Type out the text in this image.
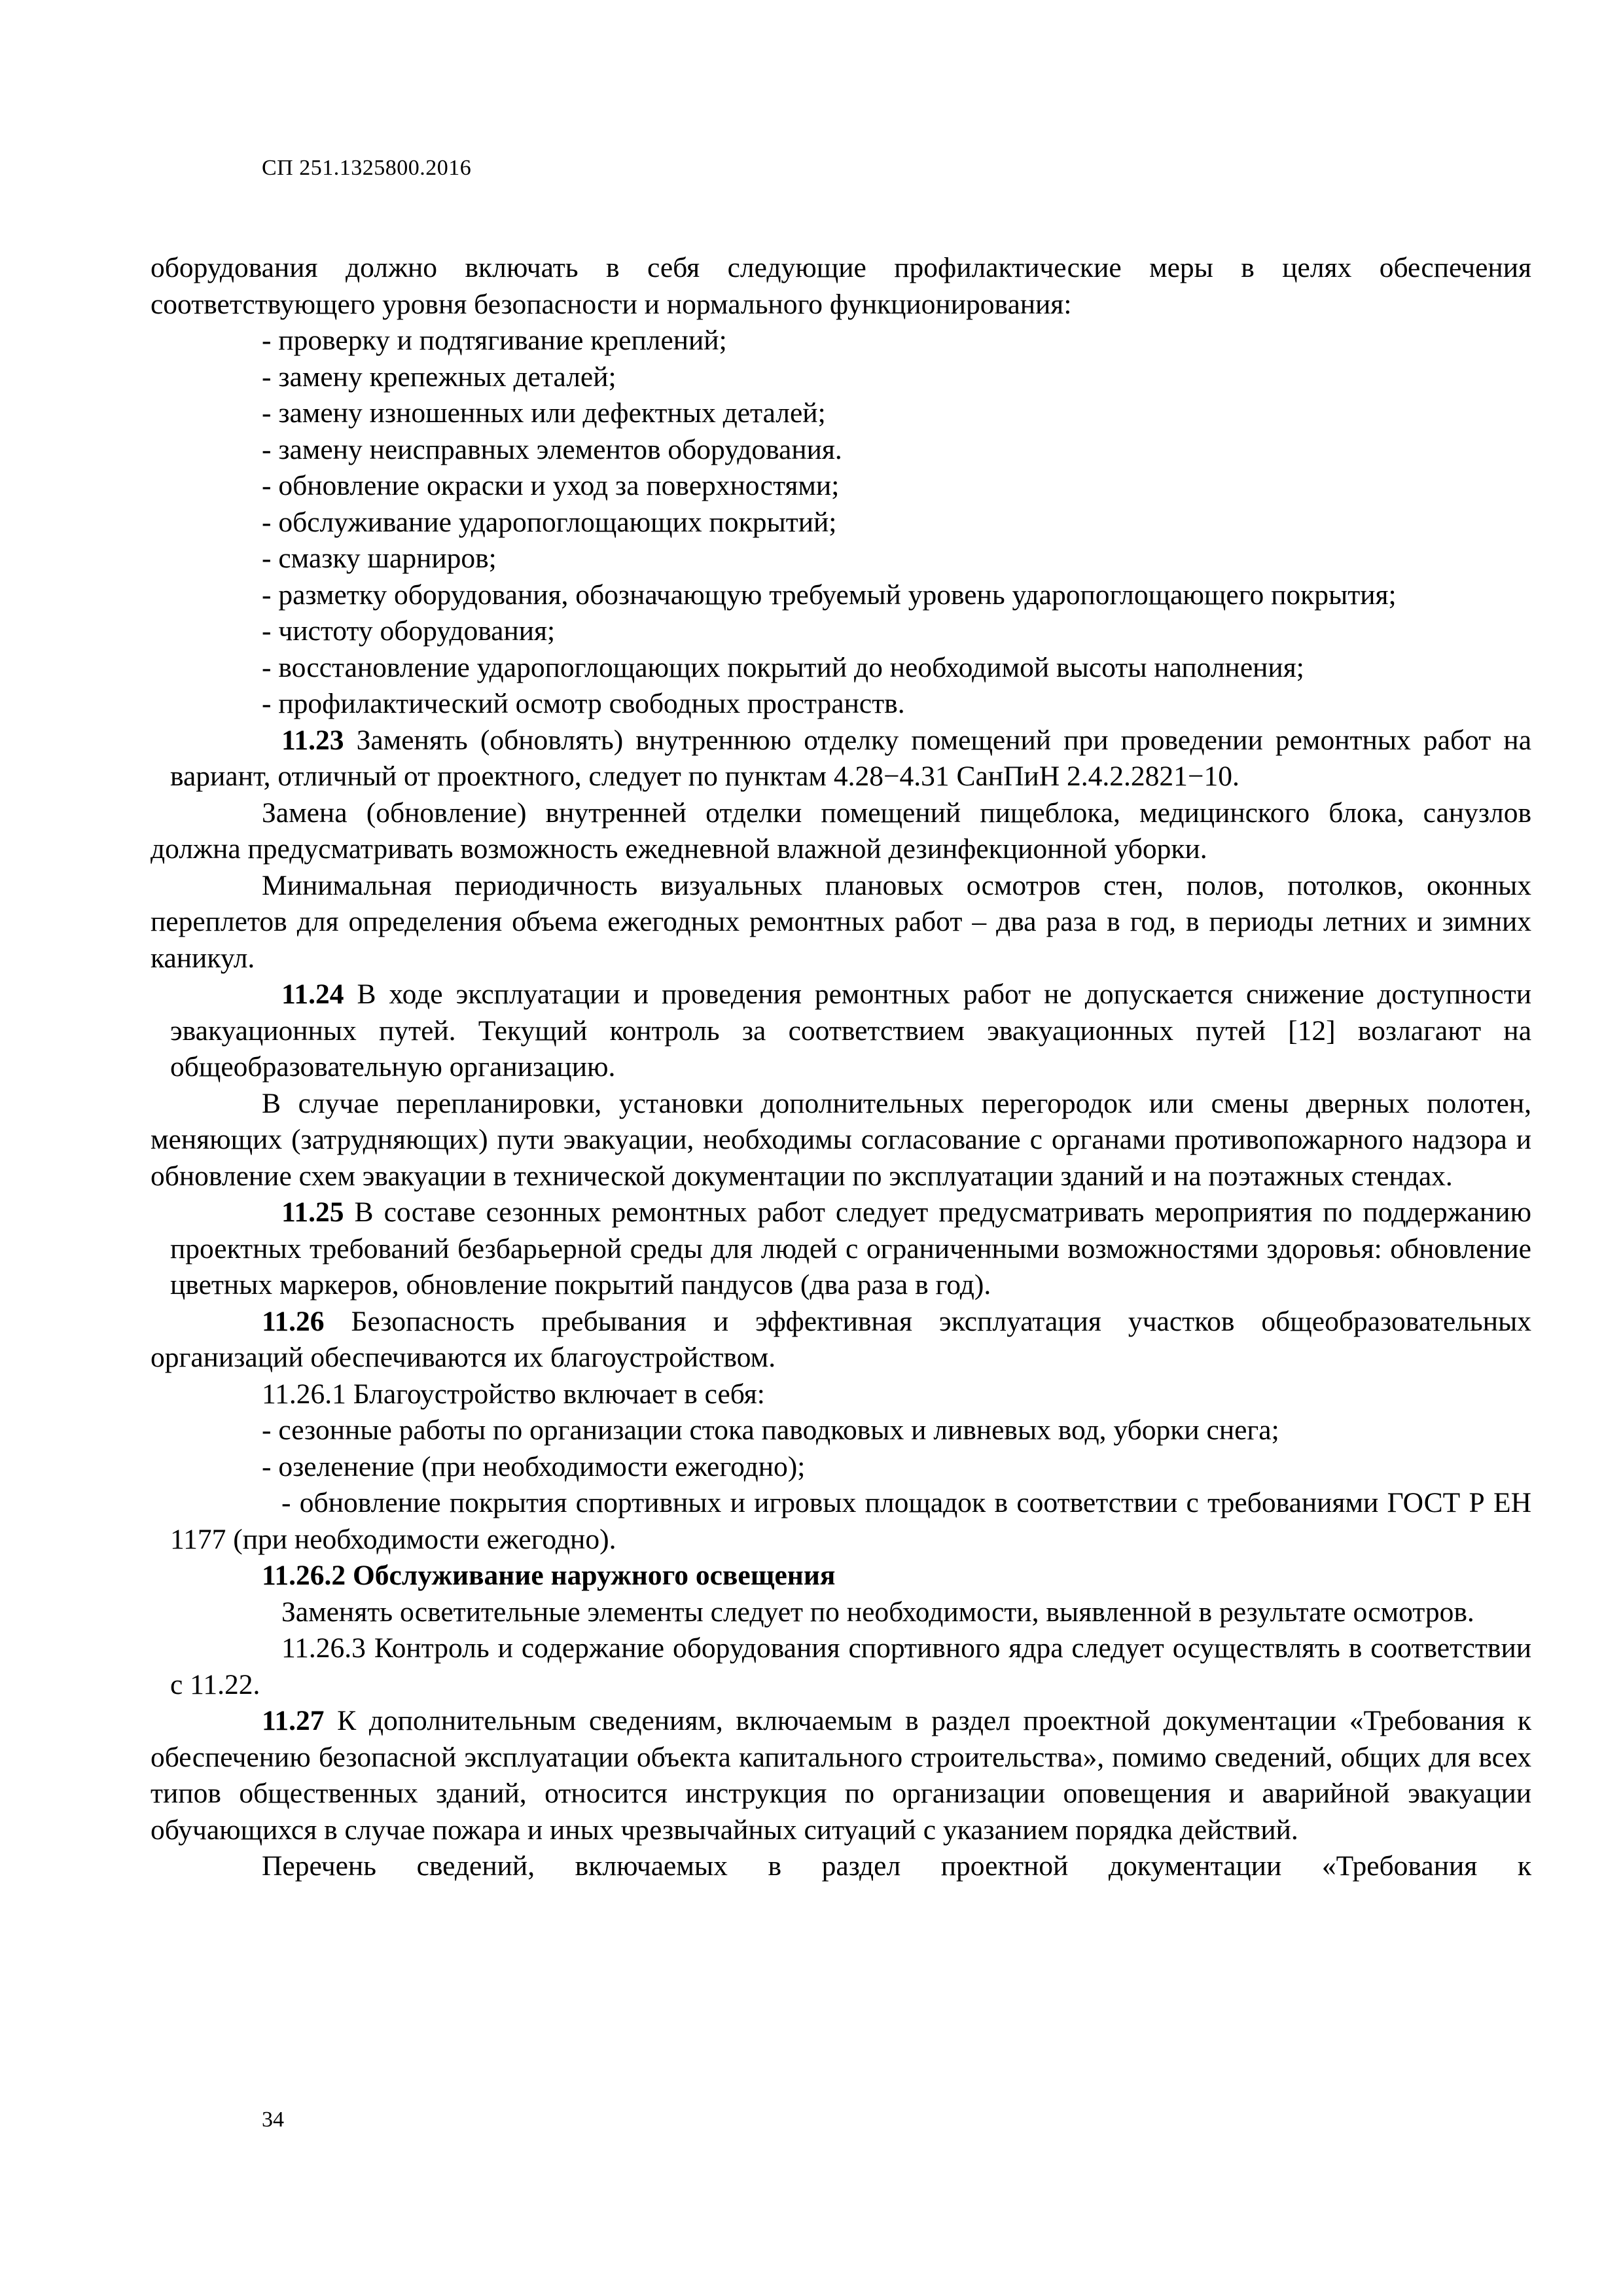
СП 251.1325800.2016

оборудования должно включать в себя следующие профилактические меры в целях обеспечения

соответствующего уровня безопасности и нормального функционирования:

- проверку и подтягивание креплений;

- замену крепежных деталей;

- замену изношенных или дефектных деталей;

- замену неисправных элементов оборудования.

- обновление окраски и уход за поверхностями;

- обслуживание ударопоглощающих покрытий;

- смазку шарниров;

- разметку оборудования, обозначающую требуемый уровень ударопоглощающего покрытия;

- чистоту оборудования;

- восстановление ударопоглощающих покрытий до необходимой высоты наполнения;

- профилактический осмотр свободных пространств.

11.23 Заменять (обновлять) внутреннюю отделку помещений при проведении ремонтных работ на вариант, отличный от проектного, следует по пунктам 4.28−4.31 СанПиН 2.4.2.2821−10.

Замена (обновление) внутренней отделки помещений пищеблока, медицинского блока, санузлов должна предусматривать возможность ежедневной влажной дезинфекционной уборки.

Минимальная периодичность визуальных плановых осмотров стен, полов, потолков, оконных переплетов для определения объема ежегодных ремонтных работ – два раза в год, в периоды летних и зимних каникул.

11.24 В ходе эксплуатации и проведения ремонтных работ не допускается снижение доступности эвакуационных путей. Текущий контроль за соответствием эвакуационных путей [12] возлагают на общеобразовательную организацию.

В случае перепланировки, установки дополнительных перегородок или смены дверных полотен, меняющих (затрудняющих) пути эвакуации, необходимы согласование с органами противопожарного надзора и обновление схем эвакуации в технической документации по эксплуатации зданий и на поэтажных стендах.

11.25 В составе сезонных ремонтных работ следует предусматривать мероприятия по поддержанию проектных требований безбарьерной среды для людей с ограниченными возможностями здоровья: обновление цветных маркеров, обновление покрытий пандусов (два раза в год).

11.26 Безопасность пребывания и эффективная эксплуатация участков общеобразовательных организаций обеспечиваются их благоустройством.

11.26.1 Благоустройство включает в себя:

- сезонные работы по организации стока паводковых и ливневых вод, уборки снега;

- озеленение (при необходимости ежегодно);

- обновление покрытия спортивных и игровых площадок в соответствии с требованиями ГОСТ Р ЕН 1177 (при необходимости ежегодно).

11.26.2 Обслуживание наружного освещения

Заменять осветительные элементы следует по необходимости, выявленной в результате осмотров.

11.26.3 Контроль и содержание оборудования спортивного ядра следует осуществлять в соответствии с 11.22.

11.27 К дополнительным сведениям, включаемым в раздел проектной документации «Требования к обеспечению безопасной эксплуатации объекта капитального строительства», помимо сведений, общих для всех типов общественных зданий, относится инструкция по организации оповещения и аварийной эвакуации обучающихся в случае пожара и иных чрезвычайных ситуаций с указанием порядка действий.

Перечень сведений, включаемых в раздел проектной документации «Требования к

34
